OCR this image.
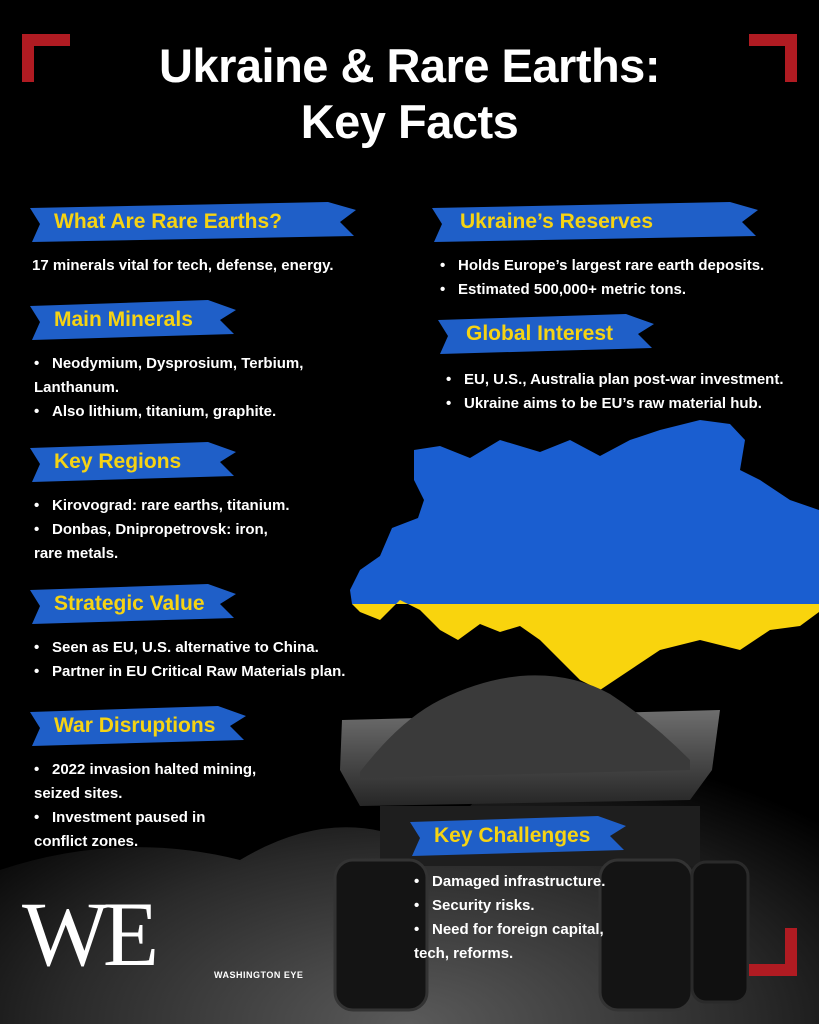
Ukraine & Rare Earths:
Key Facts
What Are Rare Earths?
17 minerals vital for tech, defense, energy.
Main Minerals
• Neodymium, Dysprosium, Terbium,
Lanthanum.
• Also lithium, titanium, graphite.
Key Regions
• Kirovograd: rare earths, titanium.
• Donbas, Dnipropetrovsk: iron,
rare metals.
Strategic Value
• Seen as EU, U.S. alternative to China.
• Partner in EU Critical Raw Materials plan.
War Disruptions
• 2022 invasion halted mining,
seized sites.
• Investment paused in
conflict zones.
Ukraine’s Reserves
• Holds Europe’s largest rare earth deposits.
• Estimated 500,000+ metric tons.
Global Interest
• EU, U.S., Australia plan post-war investment.
• Ukraine aims to be EU’s raw material hub.
Key Challenges
• Damaged infrastructure.
• Security risks.
• Need for foreign capital,
tech, reforms.
WE	WASHINGTON EYE
